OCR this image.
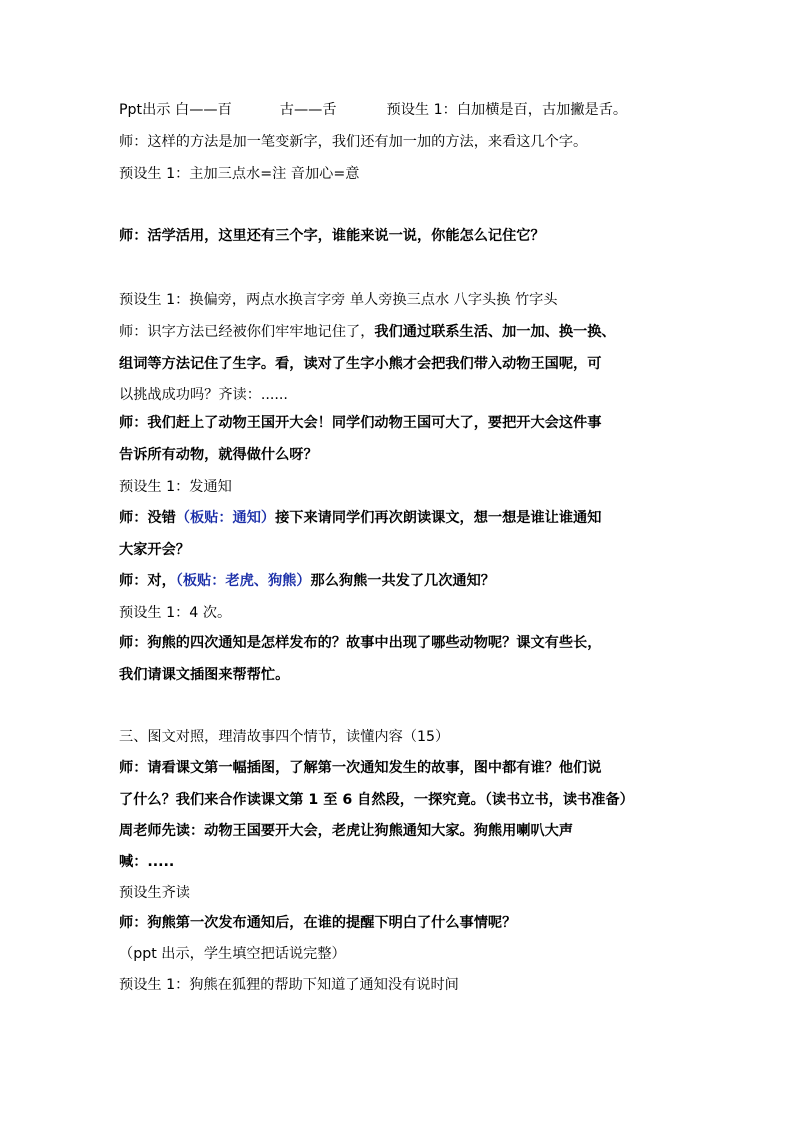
Ppt出示 白——百	古——舌	预设生 1：白加横是百，古加撇是舌。
师：这样的方法是加一笔变新字，我们还有加一加的方法，来看这几个字。
预设生 1：主加三点水=注 音加心=意
师：活学活用，这里还有三个字，谁能来说一说，你能怎么记住它？
预设生 1：换偏旁，两点水换言字旁 单人旁换三点水 八字头换 竹字头
师：识字方法已经被你们牢牢地记住了，我们通过联系生活、加一加、换一换、
组词等方法记住了生字。看，读对了生字小熊才会把我们带入动物王国呢，可
以挑战成功吗？齐读：......
师：我们赶上了动物王国开大会！同学们动物王国可大了，要把开大会这件事
告诉所有动物，就得做什么呀？
预设生 1：发通知
师：没错（板贴：通知）接下来请同学们再次朗读课文，想一想是谁让谁通知
大家开会？
师：对，（板贴：老虎、狗熊）那么狗熊一共发了几次通知？
预设生 1：4 次。
师：狗熊的四次通知是怎样发布的？故事中出现了哪些动物呢？课文有些长，
我们请课文插图来帮帮忙。
三、图文对照，理清故事四个情节，读懂内容（15）
师：请看课文第一幅插图，了解第一次通知发生的故事，图中都有谁？他们说
了什么？我们来合作读课文第 1 至 6 自然段，一探究竟。（读书立书，读书准备）
周老师先读：动物王国要开大会，老虎让狗熊通知大家。狗熊用喇叭大声
喊：.....
预设生齐读
师：狗熊第一次发布通知后，在谁的提醒下明白了什么事情呢？
（ppt 出示，学生填空把话说完整）
预设生 1：狗熊在狐狸的帮助下知道了通知没有说时间
